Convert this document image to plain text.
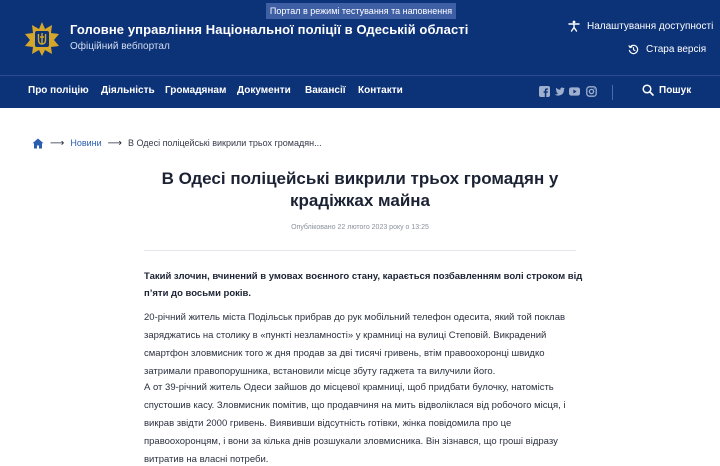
Портал в режимі тестування та наповнення
Головне управління Національної поліції в Одеській області
Офіційний вебпортал
Налаштування доступності
Стара версія
Про поліцію Діяльність Громадянам Документи Вакансії Контакти	Пошук
⟶ Новини ⟶ В Одесі поліцейські викрили трьох громадян...
В Одесі поліцейські викрили трьох громадян у крадіжках майна
Опубліковано 22 лютого 2023 року о 13:25

Такий злочин, вчинений в умовах воєнного стану, карається позбавленням волі строком від п’яти до восьми років.

20-річний житель міста Подільськ прибрав до рук мобільний телефон одесита, який той поклав заряджатись на столику в «пункті незламності» у крамниці на вулиці Степовій. Викрадений смартфон зловмисник того ж дня продав за дві тисячі гривень, втім правоохоронці швидко затримали правопорушника, встановили місце збуту гаджета та вилучили його.

А от 39-річний житель Одеси зайшов до місцевої крамниці, щоб придбати булочку, натомість спустошив касу. Зловмисник помітив, що продавчиня на мить відволіклася від робочого місця, і викрав звідти 2000 гривень. Виявивши відсутність готівки, жінка повідомила про це правоохоронцям, і вони за кілька днів розшукали зловмисника. Він зізнався, що гроші відразу витратив на власні потреби.
